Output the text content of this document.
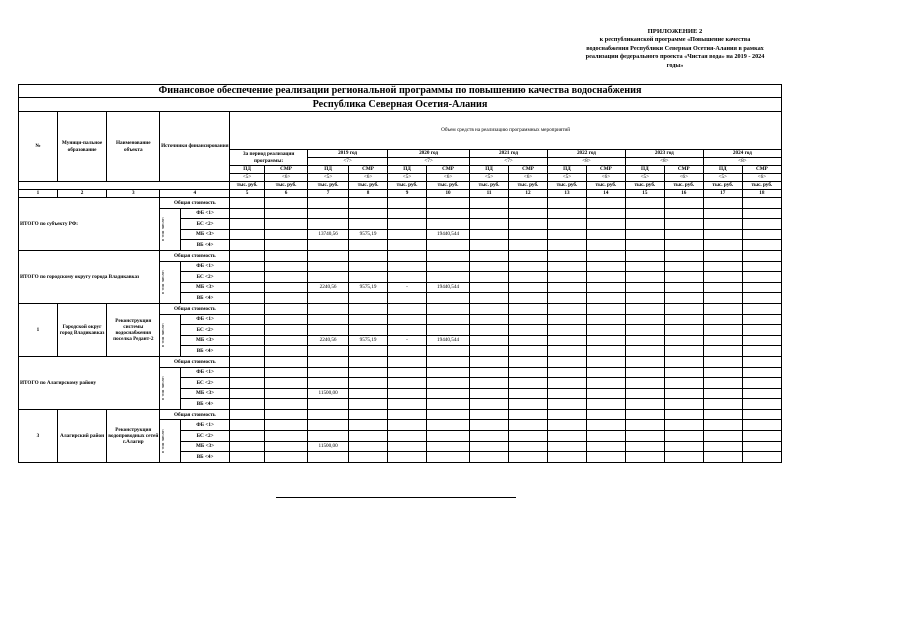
ПРИЛОЖЕНИЕ 2
к республиканской программе «Повышение качества
водоснабжения Республики Северная Осетия-Алания в рамках
реализации федерального проекта «Чистая вода» на 2019 - 2024
годы»
Финансовое обеспечение реализации региональной программы по повышению качества водоснабжения																		
Республика Северная Осетия-Алания																		
№	Муници-пальное образование	Наименование объекта	Источники финансирования		Объем средств на реализацию программных мероприятий													
					За период реализации программы:		2019 год		2020 год		2021 год		2022 год		2023 год		2024 год	
							<7>		<7>		<7>		<8>		<8>		<8>	
					ПД	СМР	ПД	СМР	ПД	СМР	ПД	СМР	ПД	СМР	ПД	СМР	ПД	СМР
					<5>	<6>	<5>	<6>	<5>	<6>	<5>	<6>	<5>	<6>	<5>	<6>	<5>	<6>
					тыс. руб.	тыс. руб.	тыс. руб.	тыс. руб.	тыс. руб.	тыс. руб.	тыс. руб.	тыс. руб.	тыс. руб.	тыс. руб.	тыс. руб.	тыс. руб.	тыс. руб.	тыс. руб.
1	2	3	4		5	6	7	8	9	10	11	12	13	14	15	16	17	18
ИТОГО по субъекту РФ:			Общая стоимость															

			в том числе:	ФБ <1>														
				БС <2>														
				МБ <3>			13740,56	9575,19		19440,544								
				ВБ <4>														
ИТОГО по городскому округу города Владикавказ			Общая стоимость															

			в том числе:	ФБ <1>														
				БС <2>														
				МБ <3>			2240,56	9575,19	-	19440,544								
				ВБ <4>														
1	Городской округ город Владикавказ	Реконструкция системы водоснабжения поселка Редант-2	Общая стоимость															

			в том числе:	ФБ <1>														
				БС <2>														
				МБ <3>			2240,56	9575,19	-	19440,544								
				ВБ <4>														
ИТОГО по Алагирскому району			Общая стоимость															

			в том числе:	ФБ <1>														
				БС <2>														
				МБ <3>			11500,00											
				ВБ <4>														
3	Алагирский район	Реконструкция водопроводных сетей г.Алагир	Общая стоимость															

			в том числе:	ФБ <1>														
				БС <2>														
				МБ <3>			11500,00											
				ВБ <4>														
